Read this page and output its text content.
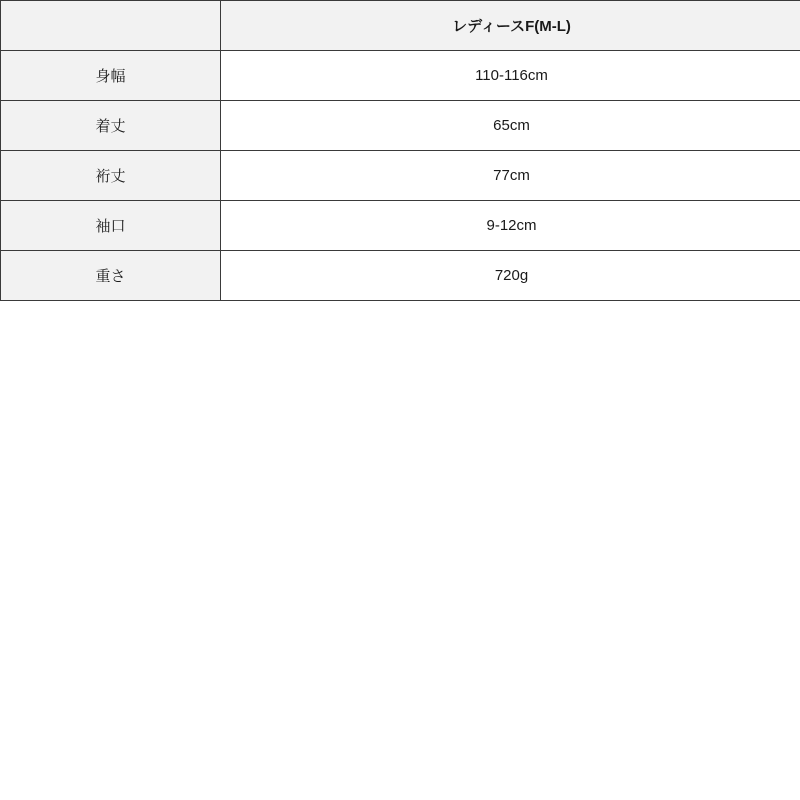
	レディースF(M-L)
身幅	110-116cm
着丈	65cm
裄丈	77cm
袖口	9-12cm
重さ	720g
